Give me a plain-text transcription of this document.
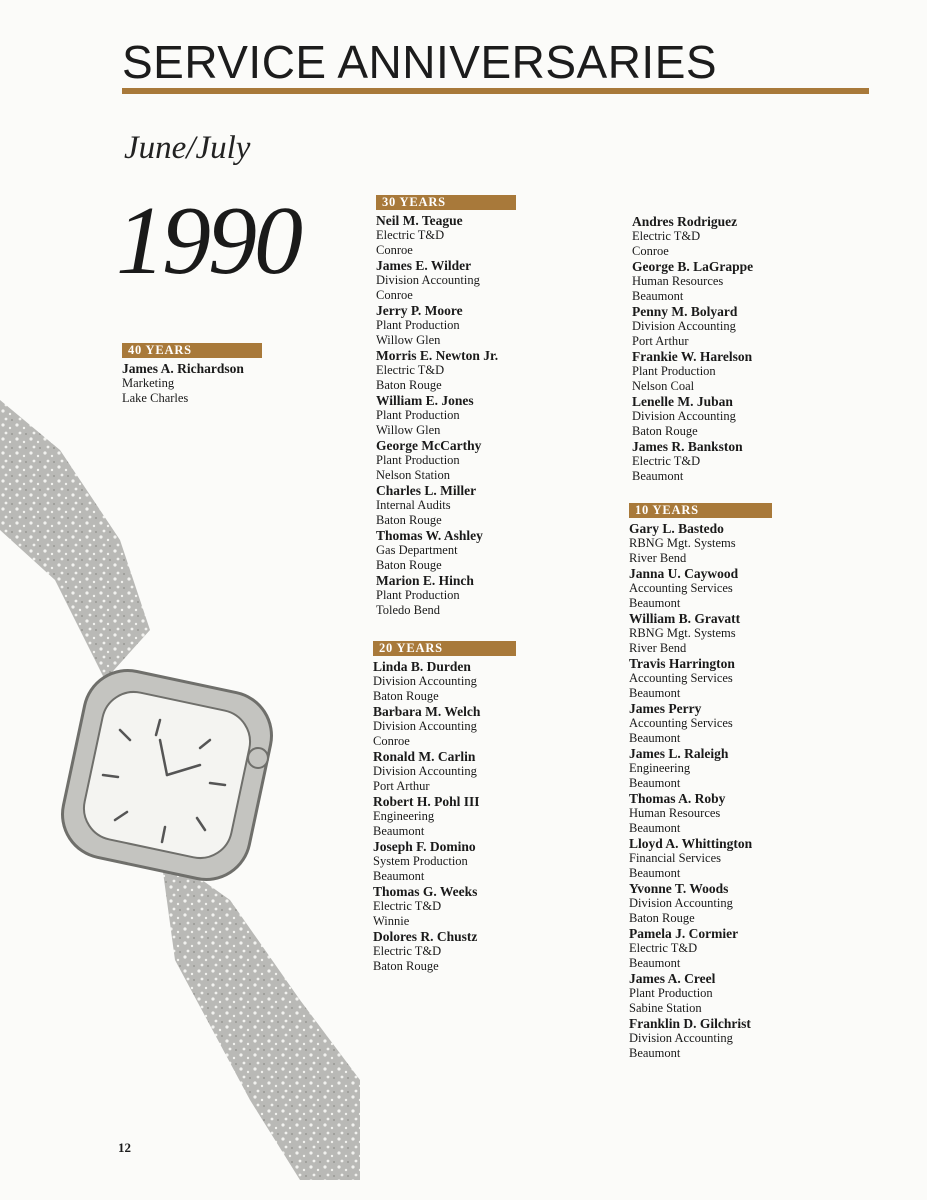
SERVICE ANNIVERSARIES
June/July
1990
40 YEARS
James A. Richardson
Marketing
Lake Charles
30 YEARS
Neil M. Teague
Electric T&D
Conroe
James E. Wilder
Division Accounting
Conroe
Jerry P. Moore
Plant Production
Willow Glen
Morris E. Newton Jr.
Electric T&D
Baton Rouge
William E. Jones
Plant Production
Willow Glen
George McCarthy
Plant Production
Nelson Station
Charles L. Miller
Internal Audits
Baton Rouge
Thomas W. Ashley
Gas Department
Baton Rouge
Marion E. Hinch
Plant Production
Toledo Bend
Andres Rodriguez
Electric T&D
Conroe
George B. LaGrappe
Human Resources
Beaumont
Penny M. Bolyard
Division Accounting
Port Arthur
Frankie W. Harelson
Plant Production
Nelson Coal
Lenelle M. Juban
Division Accounting
Baton Rouge
James R. Bankston
Electric T&D
Beaumont
20 YEARS
Linda B. Durden
Division Accounting
Baton Rouge
Barbara M. Welch
Division Accounting
Conroe
Ronald M. Carlin
Division Accounting
Port Arthur
Robert H. Pohl III
Engineering
Beaumont
Joseph F. Domino
System Production
Beaumont
Thomas G. Weeks
Electric T&D
Winnie
Dolores R. Chustz
Electric T&D
Baton Rouge
10 YEARS
Gary L. Bastedo
RBNG Mgt. Systems
River Bend
Janna U. Caywood
Accounting Services
Beaumont
William B. Gravatt
RBNG Mgt. Systems
River Bend
Travis Harrington
Accounting Services
Beaumont
James Perry
Accounting Services
Beaumont
James L. Raleigh
Engineering
Beaumont
Thomas A. Roby
Human Resources
Beaumont
Lloyd A. Whittington
Financial Services
Beaumont
Yvonne T. Woods
Division Accounting
Baton Rouge
Pamela J. Cormier
Electric T&D
Beaumont
James A. Creel
Plant Production
Sabine Station
Franklin D. Gilchrist
Division Accounting
Beaumont
12
